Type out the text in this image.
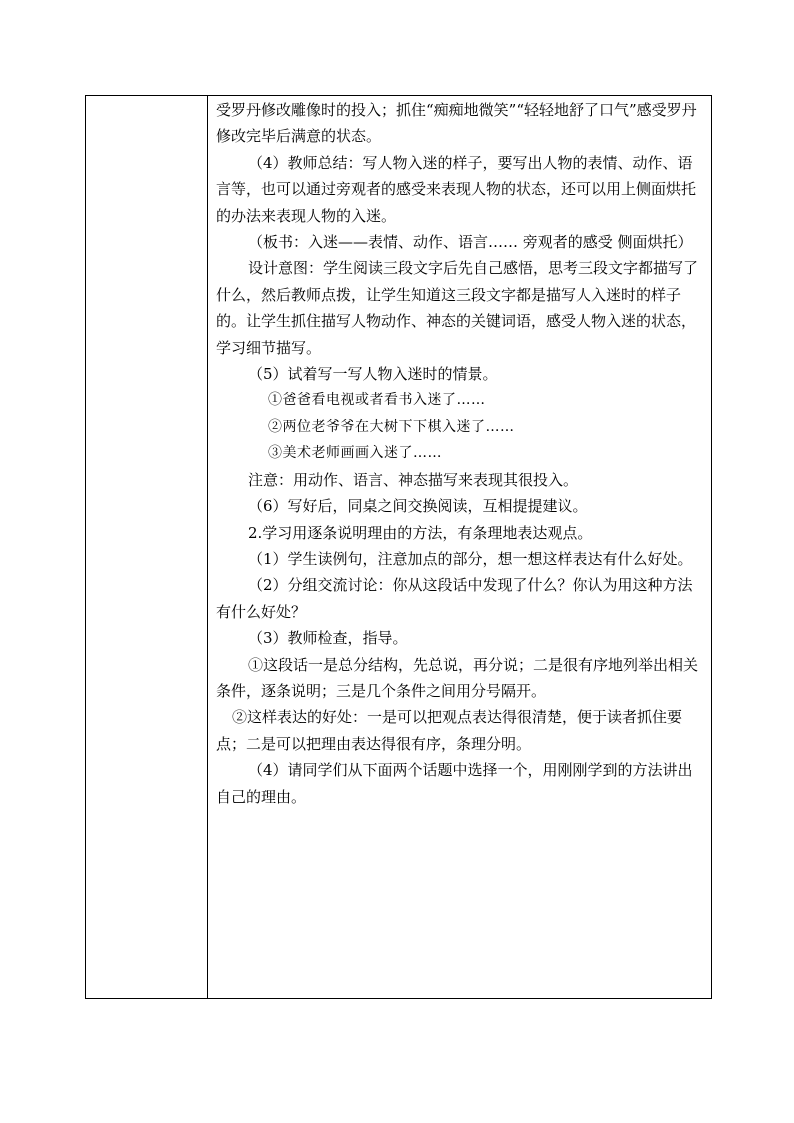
受罗丹修改雕像时的投入；抓住“痴痴地微笑”“轻轻地舒了口气”感受罗丹修改完毕后满意的状态。

（4）教师总结：写人物入迷的样子，要写出人物的表情、动作、语言等，也可以通过旁观者的感受来表现人物的状态，还可以用上侧面烘托的办法来表现人物的入迷。

（板书：入迷——表情、动作、语言…… 旁观者的感受 侧面烘托）

设计意图：学生阅读三段文字后先自己感悟，思考三段文字都描写了什么，然后教师点拨，让学生知道这三段文字都是描写人入迷时的样子的。让学生抓住描写人物动作、神态的关键词语，感受人物入迷的状态，学习细节描写。

（5）试着写一写人物入迷时的情景。

①爸爸看电视或者看书入迷了……

②两位老爷爷在大树下下棋入迷了……

③美术老师画画入迷了……

注意：用动作、语言、神态描写来表现其很投入。

（6）写好后，同桌之间交换阅读，互相提提建议。

2.学习用逐条说明理由的方法，有条理地表达观点。

（1）学生读例句，注意加点的部分，想一想这样表达有什么好处。

（2）分组交流讨论：你从这段话中发现了什么？你认为用这种方法有什么好处？

（3）教师检查，指导。

①这段话一是总分结构，先总说，再分说；二是很有序地列举出相关条件，逐条说明；三是几个条件之间用分号隔开。

②这样表达的好处：一是可以把观点表达得很清楚，便于读者抓住要点；二是可以把理由表达得很有序，条理分明。

（4）请同学们从下面两个话题中选择一个，用刚刚学到的方法讲出自己的理由。
